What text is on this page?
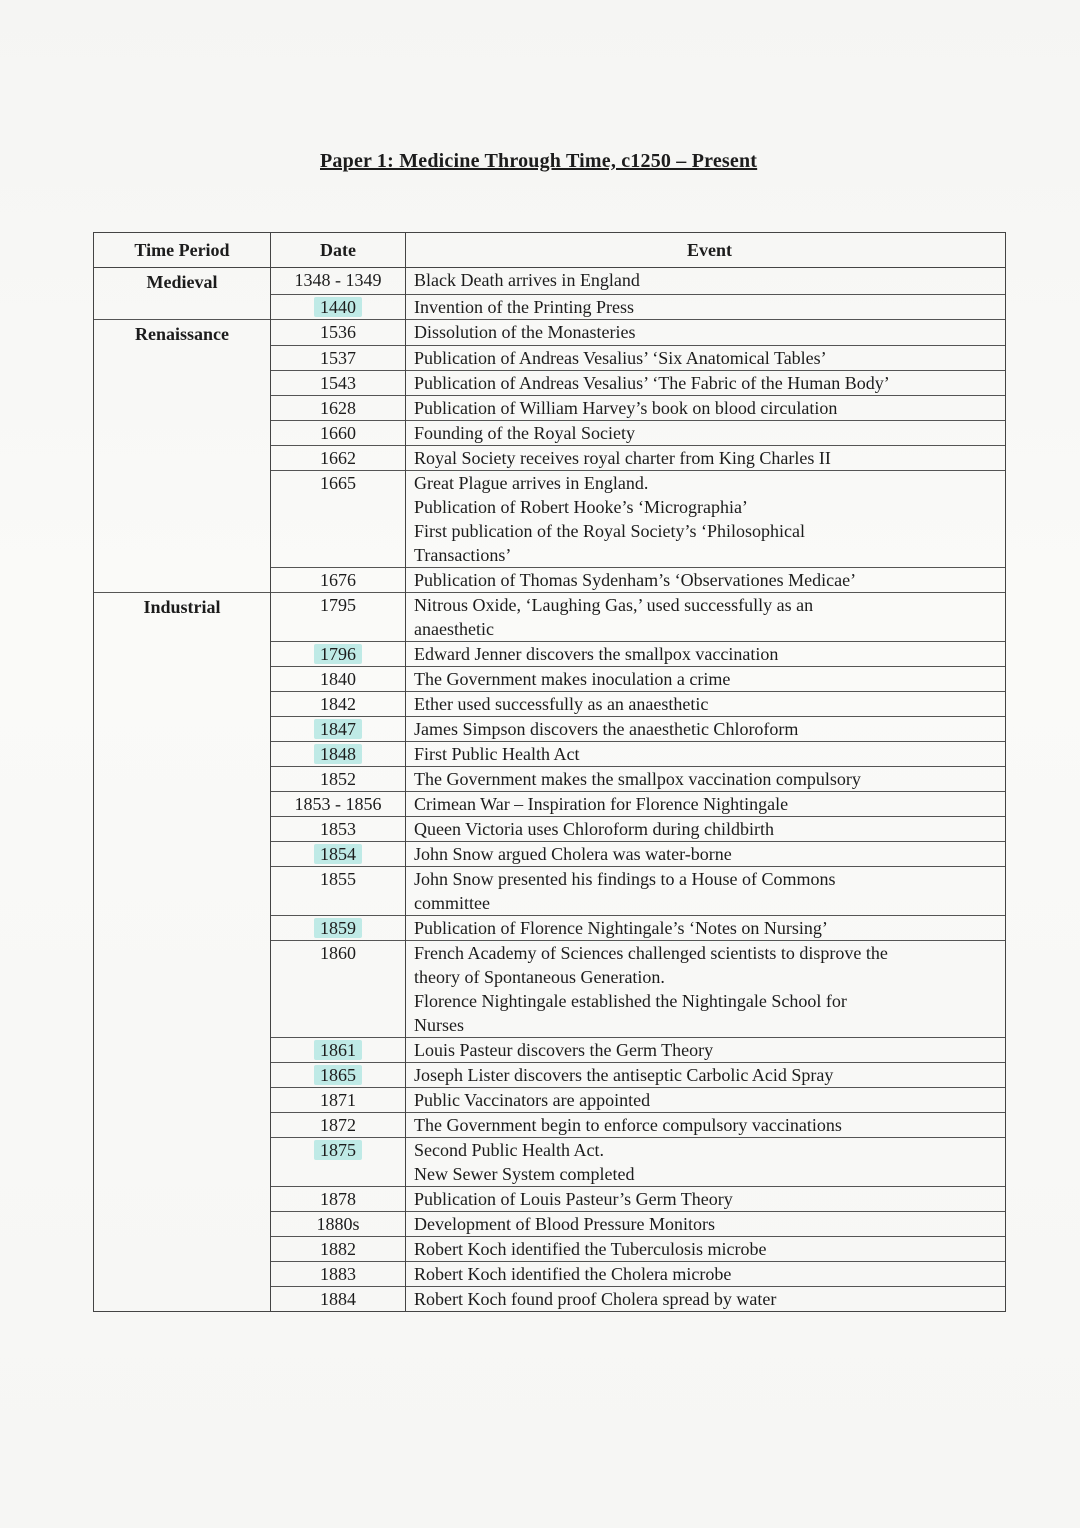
Paper 1: Medicine Through Time, c1250 – Present
Time Period	Date	Event

Medieval	1348 - 1349	Black Death arrives in England

	1440	Invention of the Printing Press

Renaissance	1536	Dissolution of the Monasteries

	1537	Publication of Andreas Vesalius’ ‘Six Anatomical Tables’

	1543	Publication of Andreas Vesalius’ ‘The Fabric of the Human Body’

	1628	Publication of William Harvey’s book on blood circulation

	1660	Founding of the Royal Society

	1662	Royal Society receives royal charter from King Charles II

	1665	Great Plague arrives in England.
Publication of Robert Hooke’s ‘Micrographia’
First publication of the Royal Society’s ‘Philosophical
Transactions’

	1676	Publication of Thomas Sydenham’s ‘Observationes Medicae’

Industrial	1795	Nitrous Oxide, ‘Laughing Gas,’ used successfully as an
anaesthetic

	1796	Edward Jenner discovers the smallpox vaccination

	1840	The Government makes inoculation a crime

	1842	Ether used successfully as an anaesthetic

	1847	James Simpson discovers the anaesthetic Chloroform

	1848	First Public Health Act

	1852	The Government makes the smallpox vaccination compulsory

	1853 - 1856	Crimean War – Inspiration for Florence Nightingale

	1853	Queen Victoria uses Chloroform during childbirth

	1854	John Snow argued Cholera was water-borne

	1855	John Snow presented his findings to a House of Commons
committee

	1859	Publication of Florence Nightingale’s ‘Notes on Nursing’

	1860	French Academy of Sciences challenged scientists to disprove the
theory of Spontaneous Generation.
Florence Nightingale established the Nightingale School for
Nurses

	1861	Louis Pasteur discovers the Germ Theory

	1865	Joseph Lister discovers the antiseptic Carbolic Acid Spray

	1871	Public Vaccinators are appointed

	1872	The Government begin to enforce compulsory vaccinations

	1875	Second Public Health Act.
New Sewer System completed

	1878	Publication of Louis Pasteur’s Germ Theory

	1880s	Development of Blood Pressure Monitors

	1882	Robert Koch identified the Tuberculosis microbe

	1883	Robert Koch identified the Cholera microbe

	1884	Robert Koch found proof Cholera spread by water
